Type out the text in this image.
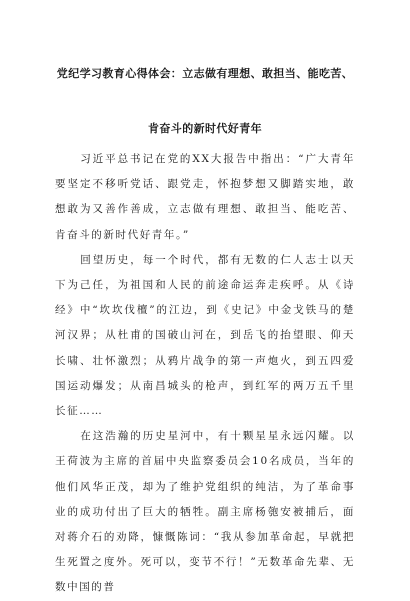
党纪学习教育心得体会：立志做有理想、敢担当、能吃苦、
肯奋斗的新时代好青年

习近平总书记在党的XX大报告中指出：“广大青年要坚定不移听党话、跟党走，怀抱梦想又脚踏实地，敢想敢为又善作善成，立志做有理想、敢担当、能吃苦、肯奋斗的新时代好青年。”

回望历史，每一个时代，都有无数的仁人志士以天下为己任，为祖国和人民的前途命运奔走疾呼。从《诗经》中“坎坎伐檀”的江边，到《史记》中金戈铁马的楚河汉界；从杜甫的国破山河在，到岳飞的抬望眼、仰天长啸、壮怀激烈；从鸦片战争的第一声炮火，到五四爱国运动爆发；从南昌城头的枪声，到红军的两万五千里长征……

在这浩瀚的历史星河中，有十颗星星永远闪耀。以王荷波为主席的首届中央监察委员会10名成员，当年的他们风华正茂，却为了维护党组织的纯洁，为了革命事业的成功付出了巨大的牺牲。副主席杨匏安被捕后，面对蒋介石的劝降，慷慨陈词：“我从参加革命起，早就把生死置之度外。死可以，变节不行！”无数革命先辈、无数中国的普
